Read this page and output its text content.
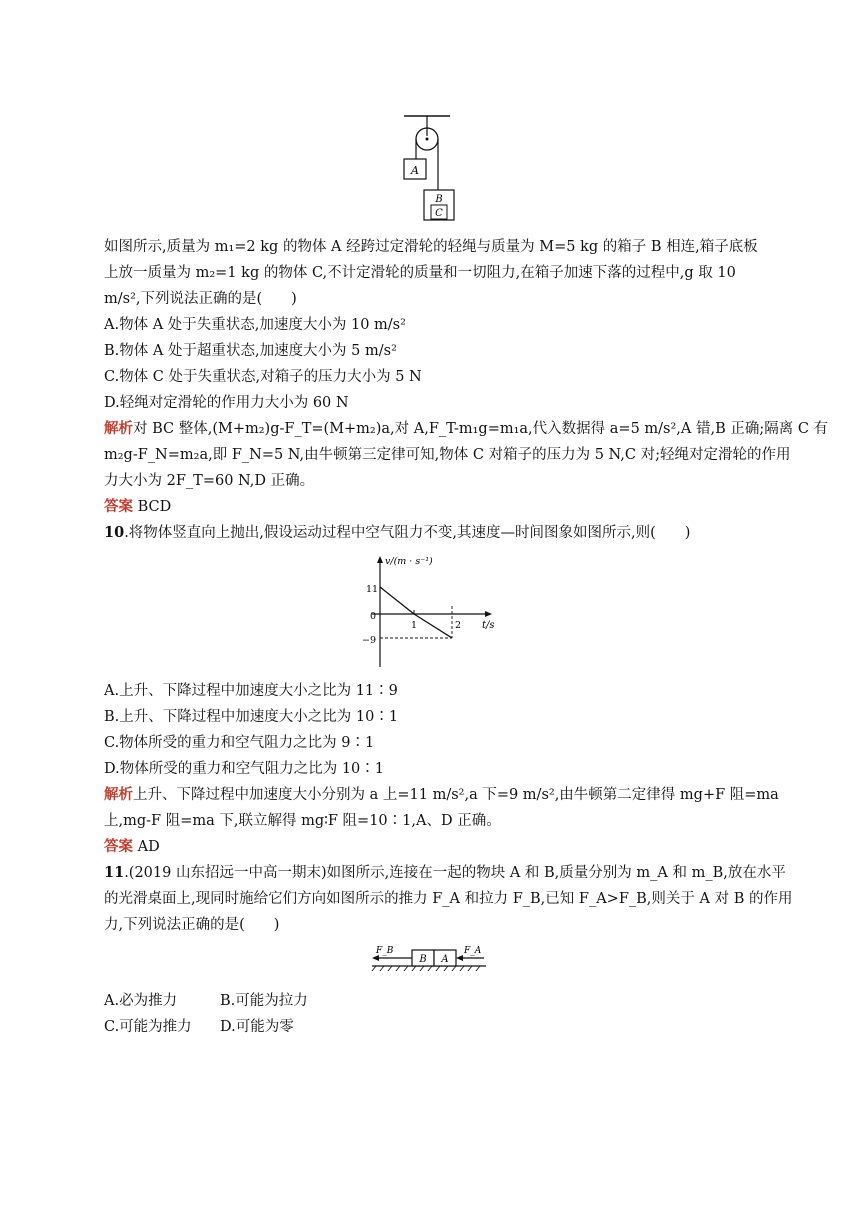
A
B
C
如图所示,质量为 m₁=2 kg 的物体 A 经跨过定滑轮的轻绳与质量为 M=5 kg 的箱子 B 相连,箱子底板
上放一质量为 m₂=1 kg 的物体 C,不计定滑轮的质量和一切阻力,在箱子加速下落的过程中,g 取 10
m/s²,下列说法正确的是(　　)
A.物体 A 处于失重状态,加速度大小为 10 m/s²
B.物体 A 处于超重状态,加速度大小为 5 m/s²
C.物体 C 处于失重状态,对箱子的压力大小为 5 N
D.轻绳对定滑轮的作用力大小为 60 N
解析对 BC 整体,(M+m₂)g-F_T=(M+m₂)a,对 A,F_T-m₁g=m₁a,代入数据得 a=5 m/s²,A 错,B 正确;隔离 C 有
m₂g-F_N=m₂a,即 F_N=5 N,由牛顿第三定律可知,物体 C 对箱子的压力为 5 N,C 对;轻绳对定滑轮的作用
力大小为 2F_T=60 N,D 正确。
答案 BCD
10.将物体竖直向上抛出,假设运动过程中空气阻力不变,其速度—时间图象如图所示,则(　　)
v/(m · s⁻¹)
t/s
11
0
−9
1	2
A.上升、下降过程中加速度大小之比为 11∶9
B.上升、下降过程中加速度大小之比为 10∶1
C.物体所受的重力和空气阻力之比为 9∶1
D.物体所受的重力和空气阻力之比为 10∶1
解析上升、下降过程中加速度大小分别为 a 上=11 m/s²,a 下=9 m/s²,由牛顿第二定律得 mg+F 阻=ma
上,mg-F 阻=ma 下,联立解得 mg∶F 阻=10∶1,A、D 正确。
答案 AD
11.(2019 山东招远一中高一期末)如图所示,连接在一起的物块 A 和 B,质量分别为 m_A 和 m_B,放在水平
的光滑桌面上,现同时施给它们方向如图所示的推力 F_A 和拉力 F_B,已知 F_A>F_B,则关于 A 对 B 的作用
力,下列说法正确的是(　　)
B A
F_B	F_A
A.必为推力	B.可能为拉力
C.可能为推力 D.可能为零
